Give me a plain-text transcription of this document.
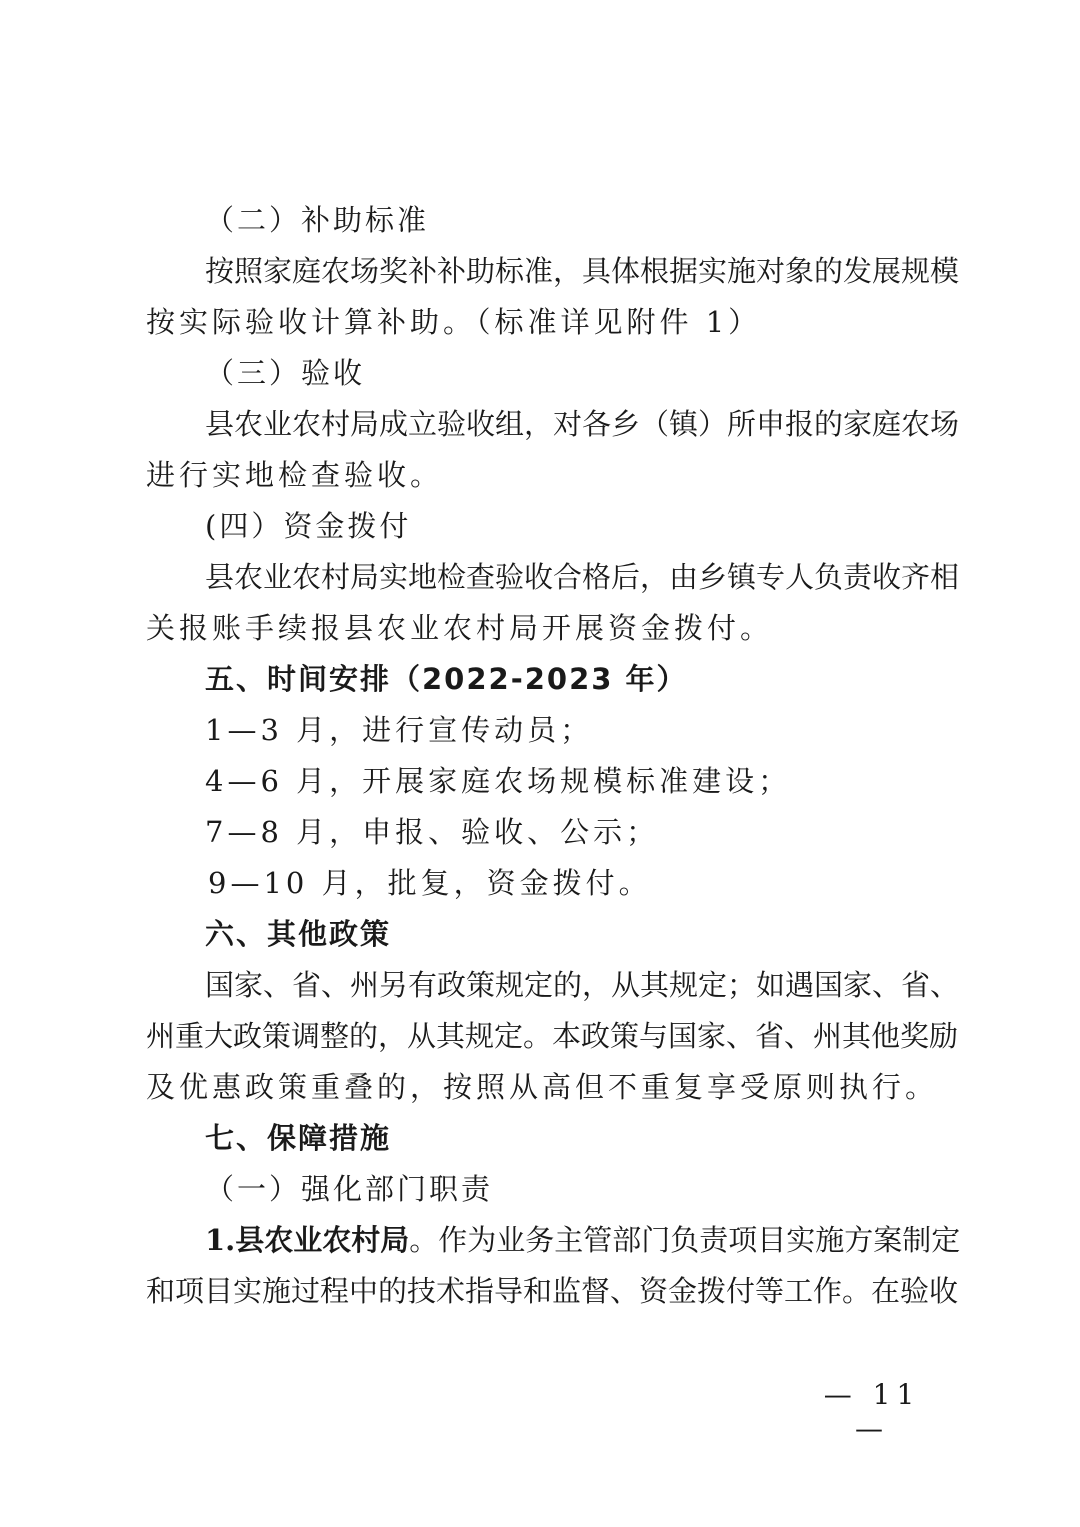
（二）补助标准
按照家庭农场奖补补助标准，具体根据实施对象的发展规模
按实际验收计算补助。（标准详见附件 1）
（三）验收
县农业农村局成立验收组，对各乡（镇）所申报的家庭农场
进行实地检查验收。
(四）资金拨付
县农业农村局实地检查验收合格后，由乡镇专人负责收齐相
关报账手续报县农业农村局开展资金拨付。
五、时间安排（2022-2023 年）
1—3 月，进行宣传动员；
4—6 月，开展家庭农场规模标准建设；
7—8 月，申报、验收、公示；
9—10 月，批复，资金拨付。
六、其他政策
国家、省、州另有政策规定的，从其规定；如遇国家、省、
州重大政策调整的，从其规定。本政策与国家、省、州其他奖励
及优惠政策重叠的，按照从高但不重复享受原则执行。
七、保障措施
（一）强化部门职责
1.县农业农村局。作为业务主管部门负责项目实施方案制定
和项目实施过程中的技术指导和监督、资金拨付等工作。在验收
— 11 —
